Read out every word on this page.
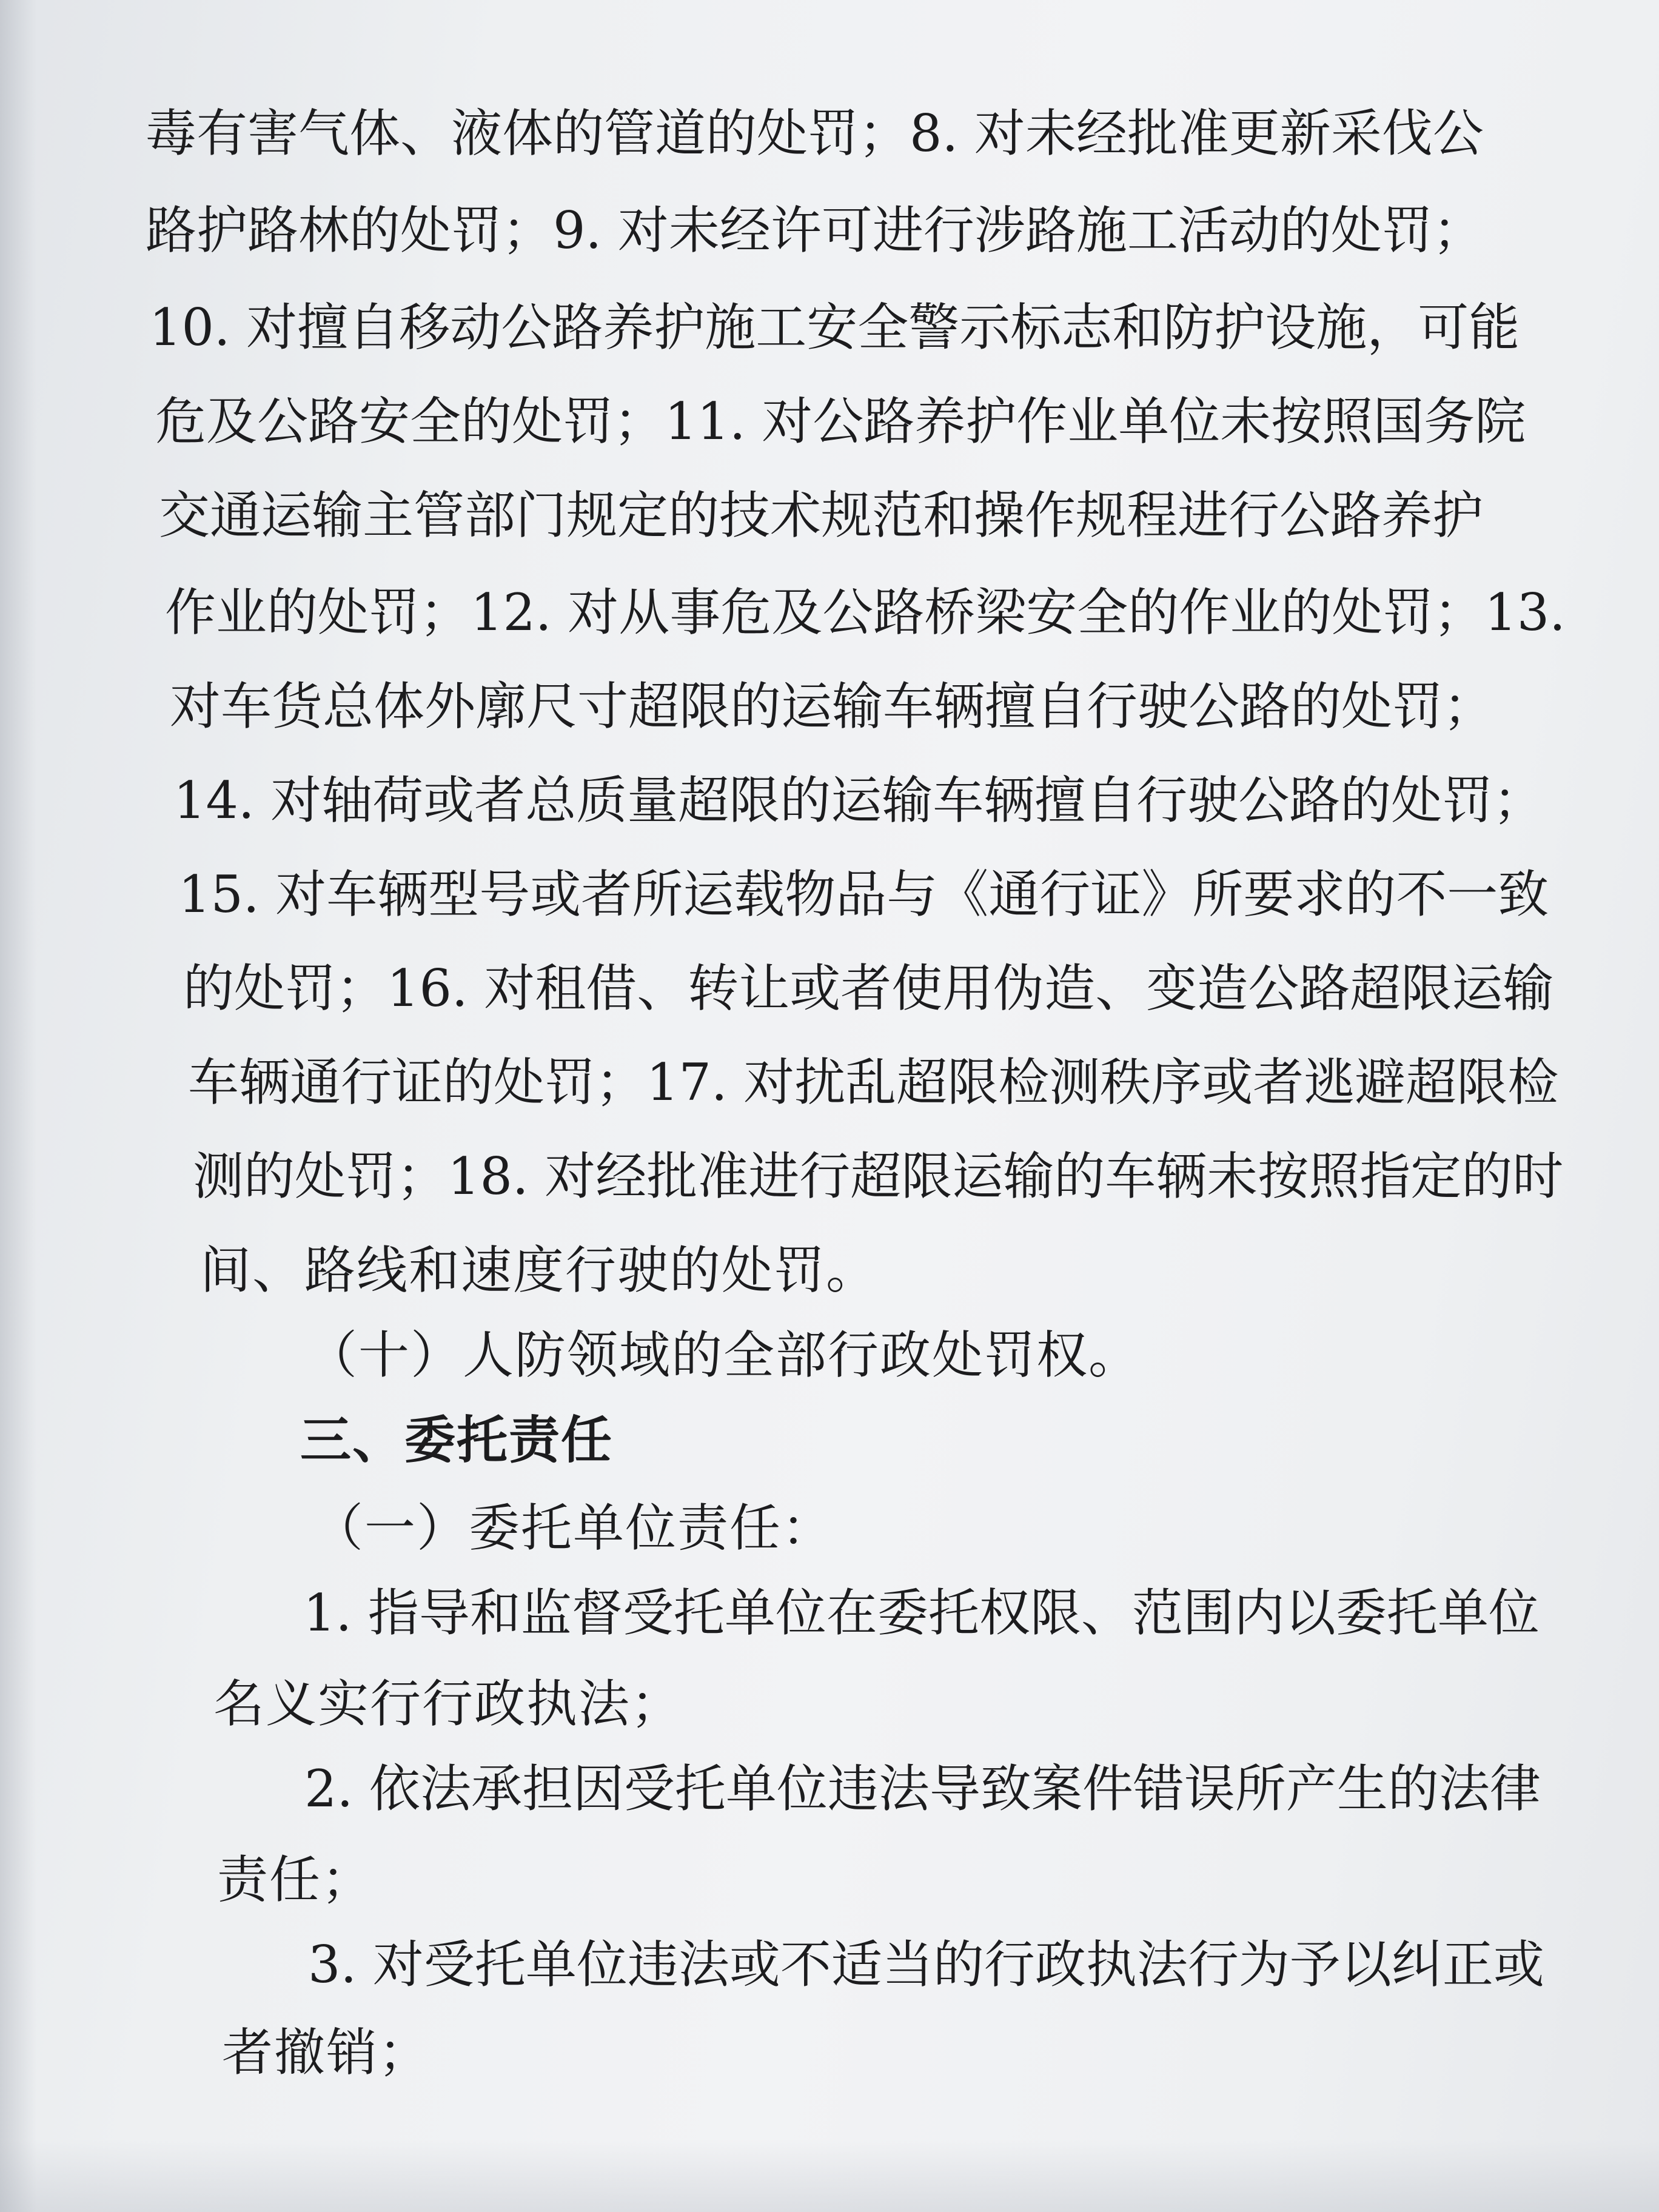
毒有害气体、液体的管道的处罚；8. 对未经批准更新采伐公
路护路林的处罚；9. 对未经许可进行涉路施工活动的处罚；
10. 对擅自移动公路养护施工安全警示标志和防护设施，可能
危及公路安全的处罚；11. 对公路养护作业单位未按照国务院
交通运输主管部门规定的技术规范和操作规程进行公路养护
作业的处罚；12. 对从事危及公路桥梁安全的作业的处罚；13.
对车货总体外廓尺寸超限的运输车辆擅自行驶公路的处罚；
14. 对轴荷或者总质量超限的运输车辆擅自行驶公路的处罚；
15. 对车辆型号或者所运载物品与《通行证》所要求的不一致
的处罚；16. 对租借、转让或者使用伪造、变造公路超限运输
车辆通行证的处罚；17. 对扰乱超限检测秩序或者逃避超限检
测的处罚；18. 对经批准进行超限运输的车辆未按照指定的时
间、路线和速度行驶的处罚。
（十）人防领域的全部行政处罚权。
三、委托责任
（一）委托单位责任：
1. 指导和监督受托单位在委托权限、范围内以委托单位
名义实行行政执法；
2. 依法承担因受托单位违法导致案件错误所产生的法律
责任；
3. 对受托单位违法或不适当的行政执法行为予以纠正或
者撤销；
